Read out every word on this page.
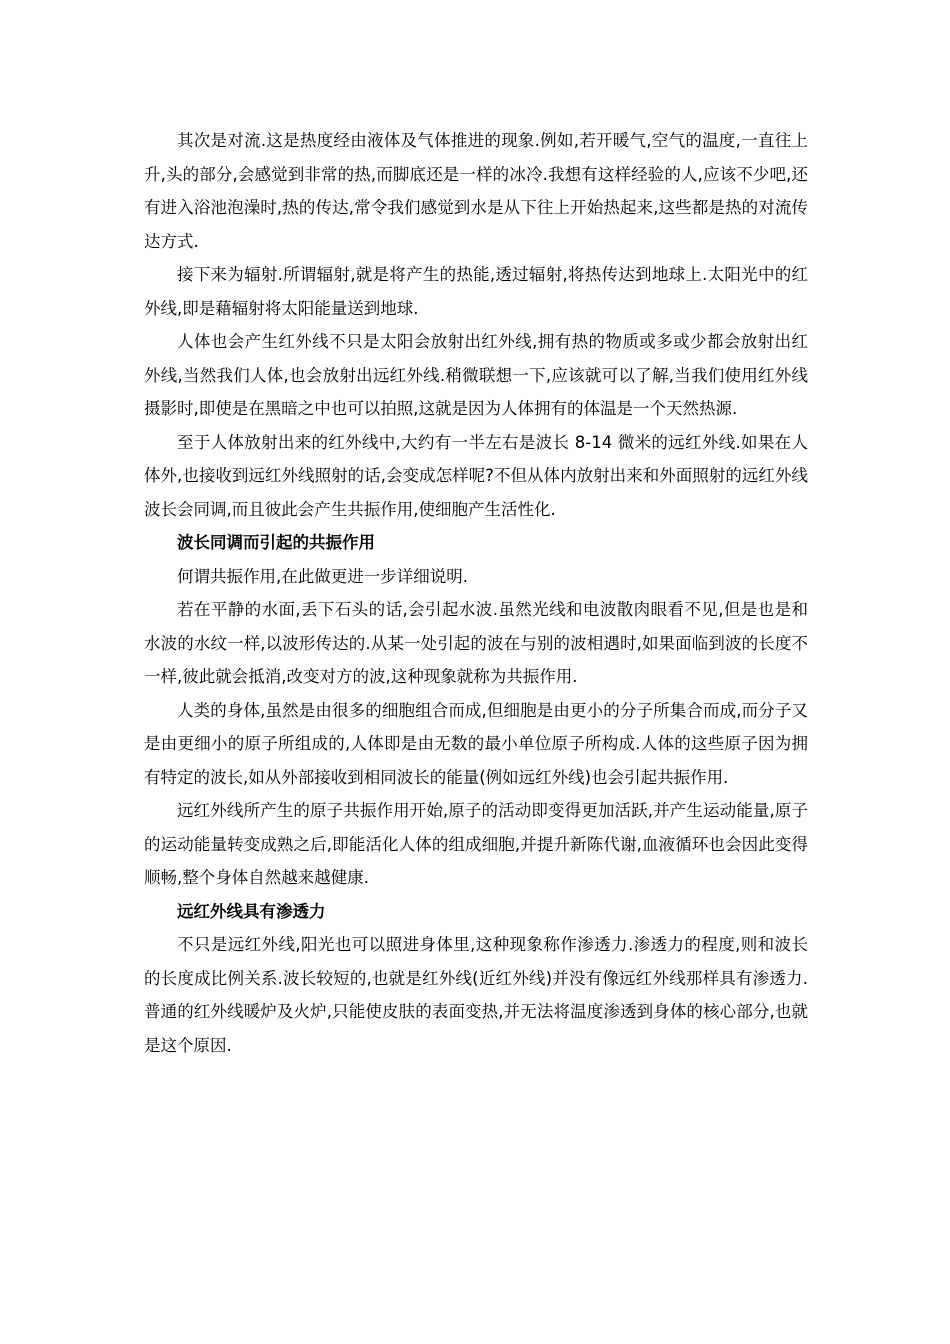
其次是对流.这是热度经由液体及气体推进的现象.例如,若开暖气,空气的温度,一直往上升,头的部分,会感觉到非常的热,而脚底还是一样的冰冷.我想有这样经验的人,应该不少吧,还有进入浴池泡澡时,热的传达,常令我们感觉到水是从下往上开始热起来,这些都是热的对流传达方式.

接下来为辐射.所谓辐射,就是将产生的热能,透过辐射,将热传达到地球上.太阳光中的红外线,即是藉辐射将太阳能量送到地球.

人体也会产生红外线不只是太阳会放射出红外线,拥有热的物质或多或少都会放射出红外线,当然我们人体,也会放射出远红外线.稍微联想一下,应该就可以了解,当我们使用红外线摄影时,即使是在黑暗之中也可以拍照,这就是因为人体拥有的体温是一个天然热源.

至于人体放射出来的红外线中,大约有一半左右是波长 8-14 微米的远红外线.如果在人体外,也接收到远红外线照射的话,会变成怎样呢?不但从体内放射出来和外面照射的远红外线波长会同调,而且彼此会产生共振作用,使细胞产生活性化.

波长同调而引起的共振作用

何谓共振作用,在此做更进一步详细说明.

若在平静的水面,丢下石头的话,会引起水波.虽然光线和电波散肉眼看不见,但是也是和水波的水纹一样,以波形传达的.从某一处引起的波在与别的波相遇时,如果面临到波的长度不一样,彼此就会抵消,改变对方的波,这种现象就称为共振作用.

人类的身体,虽然是由很多的细胞组合而成,但细胞是由更小的分子所集合而成,而分子又是由更细小的原子所组成的,人体即是由无数的最小单位原子所构成.人体的这些原子因为拥有特定的波长,如从外部接收到相同波长的能量(例如远红外线)也会引起共振作用.

远红外线所产生的原子共振作用开始,原子的活动即变得更加活跃,并产生运动能量,原子的运动能量转变成熟之后,即能活化人体的组成细胞,并提升新陈代谢,血液循环也会因此变得顺畅,整个身体自然越来越健康.

远红外线具有渗透力

不只是远红外线,阳光也可以照进身体里,这种现象称作渗透力.渗透力的程度,则和波长的长度成比例关系.波长较短的,也就是红外线(近红外线)并没有像远红外线那样具有渗透力.普通的红外线暖炉及火炉,只能使皮肤的表面变热,并无法将温度渗透到身体的核心部分,也就是这个原因.
